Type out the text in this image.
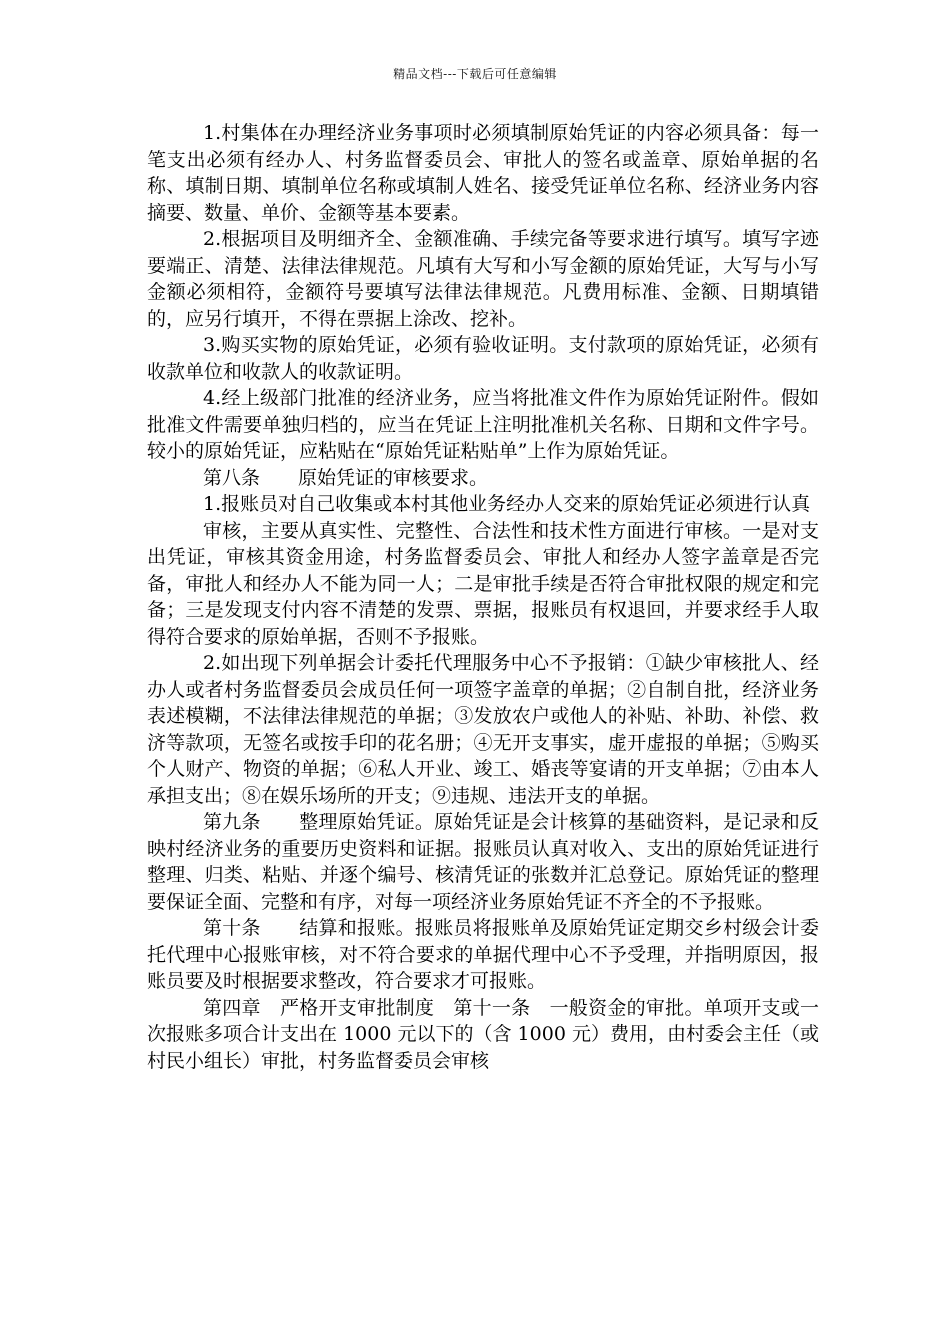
精品文档---下载后可任意编辑

1.村集体在办理经济业务事项时必须填制原始凭证的内容必须具备：每一笔支出必须有经办人、村务监督委员会、审批人的签名或盖章、原始单据的名称、填制日期、填制单位名称或填制人姓名、接受凭证单位名称、经济业务内容摘要、数量、单价、金额等基本要素。

2.根据项目及明细齐全、金额准确、手续完备等要求进行填写。填写字迹要端正、清楚、法律法律规范。凡填有大写和小写金额的原始凭证，大写与小写金额必须相符，金额符号要填写法律法律规范。凡费用标准、金额、日期填错的，应另行填开，不得在票据上涂改、挖补。

3.购买实物的原始凭证，必须有验收证明。支付款项的原始凭证，必须有收款单位和收款人的收款证明。

4.经上级部门批准的经济业务，应当将批准文件作为原始凭证附件。假如批准文件需要单独归档的，应当在凭证上注明批准机关名称、日期和文件字号。较小的原始凭证，应粘贴在“原始凭证粘贴单”上作为原始凭证。

第八条　　原始凭证的审核要求。

1.报账员对自己收集或本村其他业务经办人交来的原始凭证必须进行认真

审核，主要从真实性、完整性、合法性和技术性方面进行审核。一是对支出凭证，审核其资金用途，村务监督委员会、审批人和经办人签字盖章是否完备，审批人和经办人不能为同一人；二是审批手续是否符合审批权限的规定和完备；三是发现支付内容不清楚的发票、票据，报账员有权退回，并要求经手人取得符合要求的原始单据，否则不予报账。

2.如出现下列单据会计委托代理服务中心不予报销：①缺少审核批人、经办人或者村务监督委员会成员任何一项签字盖章的单据；②自制自批，经济业务表述模糊，不法律法律规范的单据；③发放农户或他人的补贴、补助、补偿、救济等款项，无签名或按手印的花名册；④无开支事实，虚开虚报的单据；⑤购买个人财产、物资的单据；⑥私人开业、竣工、婚丧等宴请的开支单据；⑦由本人承担支出；⑧在娱乐场所的开支；⑨违规、违法开支的单据。

第九条　　整理原始凭证。原始凭证是会计核算的基础资料，是记录和反映村经济业务的重要历史资料和证据。报账员认真对收入、支出的原始凭证进行整理、归类、粘贴、并逐个编号、核清凭证的张数并汇总登记。原始凭证的整理要保证全面、完整和有序，对每一项经济业务原始凭证不齐全的不予报账。

第十条　　结算和报账。报账员将报账单及原始凭证定期交乡村级会计委托代理中心报账审核，对不符合要求的单据代理中心不予受理，并指明原因，报账员要及时根据要求整改，符合要求才可报账。

第四章　严格开支审批制度　第十一条　一般资金的审批。单项开支或一次报账多项合计支出在 1000 元以下的（含 1000 元）费用，由村委会主任（或村民小组长）审批，村务监督委员会审核
